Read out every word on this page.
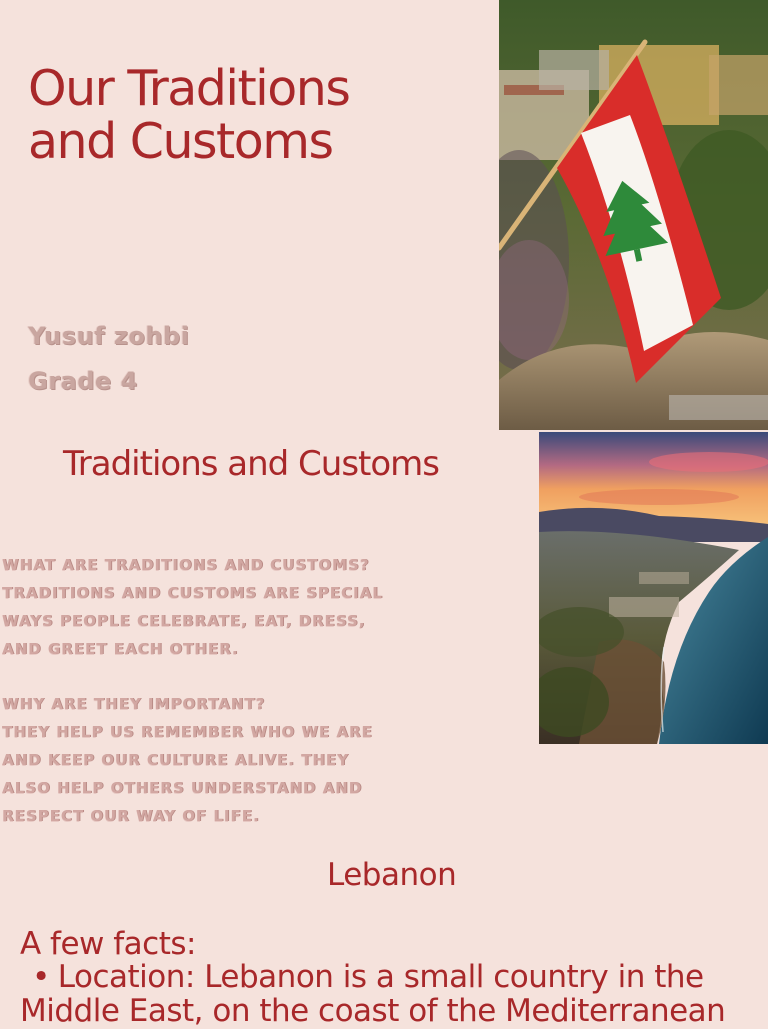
Our Traditions
and Customs
Yusuf zohbi
Grade 4
Traditions and Customs
WHAT ARE TRADITIONS AND CUSTOMS?
TRADITIONS AND CUSTOMS ARE SPECIAL
WAYS PEOPLE CELEBRATE, EAT, DRESS,
AND GREET EACH OTHER.
WHY ARE THEY IMPORTANT?
THEY HELP US REMEMBER WHO WE ARE
AND KEEP OUR CULTURE ALIVE. THEY
ALSO HELP OTHERS UNDERSTAND AND
RESPECT OUR WAY OF LIFE.
Lebanon
A few facts:
• Location: Lebanon is a small country in the
Middle East, on the coast of the Mediterranean
